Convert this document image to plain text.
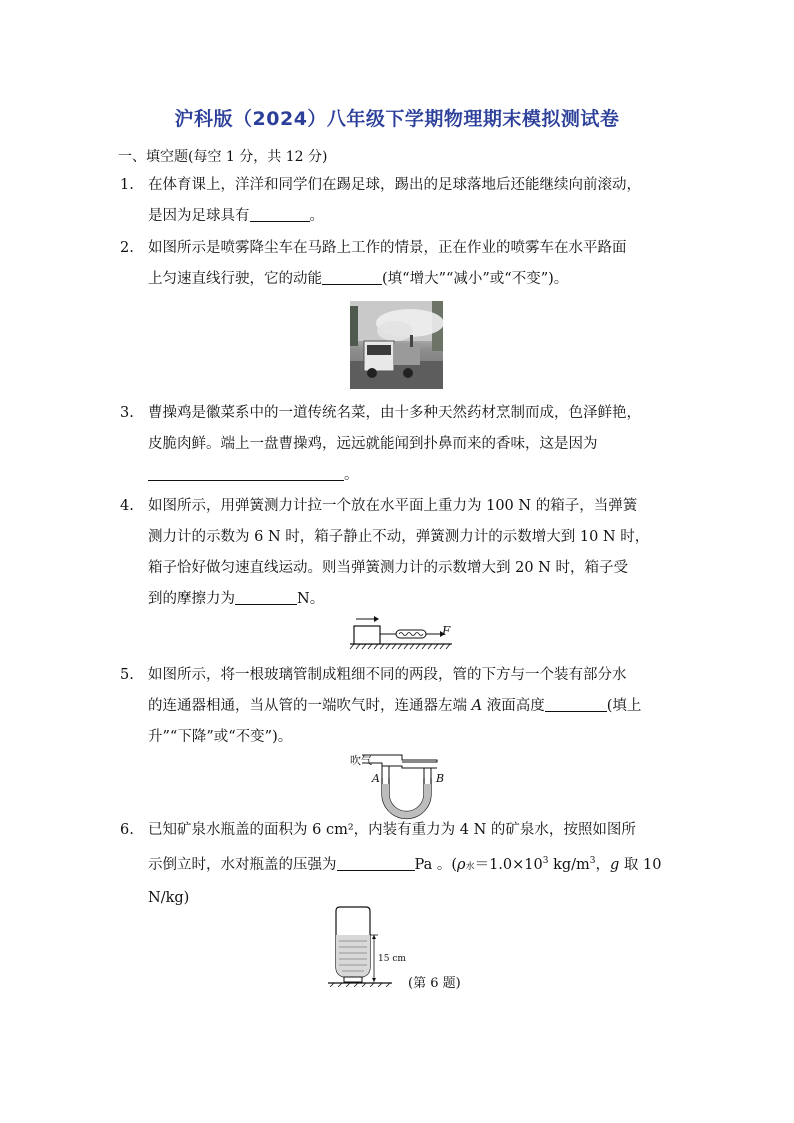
沪科版（2024）八年级下学期物理期末模拟测试卷
一、填空题(每空 1 分，共 12 分)
1. 在体育课上，洋洋和同学们在踢足球，踢出的足球落地后还能继续向前滚动，
是因为足球具有	。
2. 如图所示是喷雾降尘车在马路上工作的情景，正在作业的喷雾车在水平路面
上匀速直线行驶，它的动能	(填“增大”“减小”或“不变”)。
3. 曹操鸡是徽菜系中的一道传统名菜，由十多种天然药材烹制而成，色泽鲜艳，
皮脆肉鲜。端上一盘曹操鸡，远远就能闻到扑鼻而来的香味，这是因为
。
4. 如图所示，用弹簧测力计拉一个放在水平面上重力为 100 N 的箱子，当弹簧
测力计的示数为 6 N 时，箱子静止不动，弹簧测力计的示数增大到 10 N 时，
箱子恰好做匀速直线运动。则当弹簧测力计的示数增大到 20 N 时，箱子受
到的摩擦力为	N。
F
5. 如图所示，将一根玻璃管制成粗细不同的两段，管的下方与一个装有部分水
的连通器相通，当从管的一端吹气时，连通器左端 A 液面高度	(填上
升”“下降”或“不变”)。
吹气
A	B
6. 已知矿泉水瓶盖的面积为 6 cm²，内装有重力为 4 N 的矿泉水，按照如图所
示倒立时，水对瓶盖的压强为	Pa 。(ρ水$=1.0\times 10^3$ $kg/m^3$，g 取 10
N/kg)
15 cm
(第 6 题)
